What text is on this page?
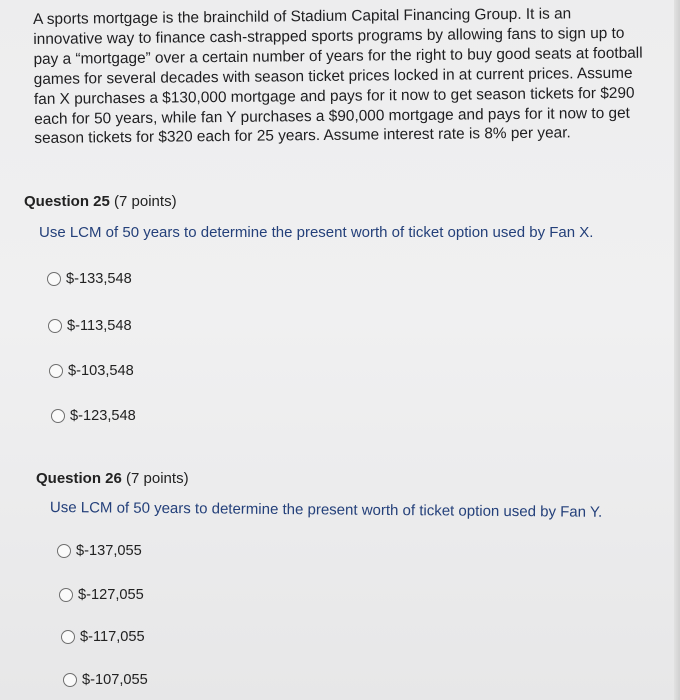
A sports mortgage is the brainchild of Stadium Capital Financing Group. It is an innovative way to finance cash-strapped sports programs by allowing fans to sign up to pay a “mortgage” over a certain number of years for the right to buy good seats at football games for several decades with season ticket prices locked in at current prices. Assume fan X purchases a $130,000 mortgage and pays for it now to get season tickets for $290 each for 50 years, while fan Y purchases a $90,000 mortgage and pays for it now to get season tickets for $320 each for 25 years. Assume interest rate is 8% per year.

Question 25 (7 points)

Use LCM of 50 years to determine the present worth of ticket option used by Fan X.

$-133,548
$-113,548
$-103,548
$-123,548

Question 26 (7 points)

Use LCM of 50 years to determine the present worth of ticket option used by Fan Y.

$-137,055
$-127,055
$-117,055
$-107,055
